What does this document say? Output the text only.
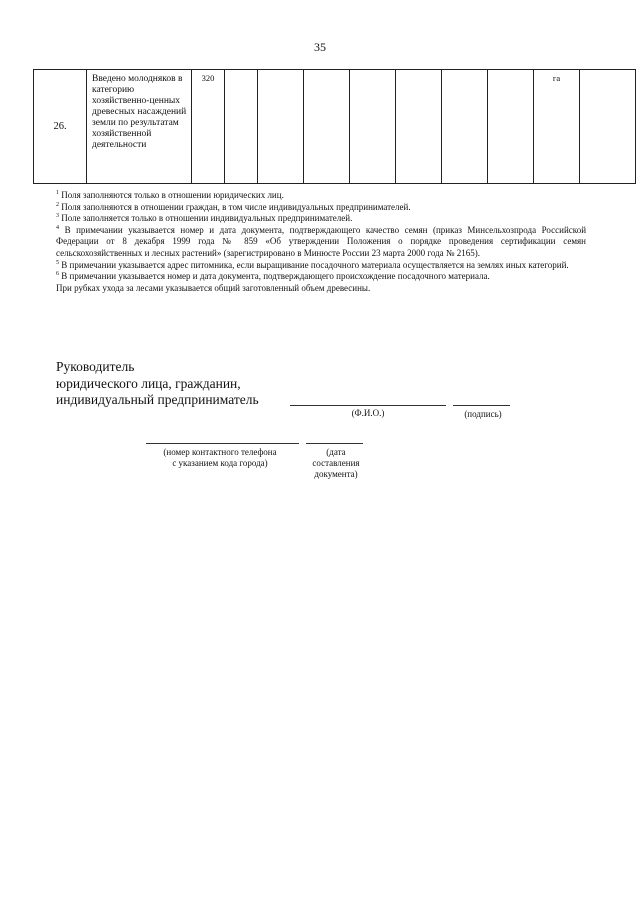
35
26.	Введено молодняков в категорию хозяйственно-ценных древесных насаждений земли по результатам хозяйственной деятельности	320								га	

$^1$ Поля заполняются только в отношении юридических лиц.

$^2$ Поля заполняются в отношении граждан, в том числе индивидуальных предпринимателей.

$^3$ Поле заполняется только в отношении индивидуальных предпринимателей.

$^4$ В примечании указывается номер и дата документа, подтверждающего качество семян (приказ Минсельхозпрода Российской Федерации от 8 декабря 1999 года № 859 «Об утверждении Положения о порядке проведения сертификации семян сельскохозяйственных и лесных растений» (зарегистрировано в Минюсте России 23 марта 2000 года № 2165).

$^5$ В примечании указывается адрес питомника, если выращивание посадочного материала осуществляется на землях иных категорий.

$^6$ В примечании указывается номер и дата документа, подтверждающего происхождение посадочного материала.

При рубках ухода за лесами указывается общий заготовленный объем древесины.

Руководитель
юридического лица, гражданин,
индивидуальный предприниматель
(Ф.И.О.)	(подпись)
(номер контактного телефона
с указанием кода города)
(дата
составления
документа)
